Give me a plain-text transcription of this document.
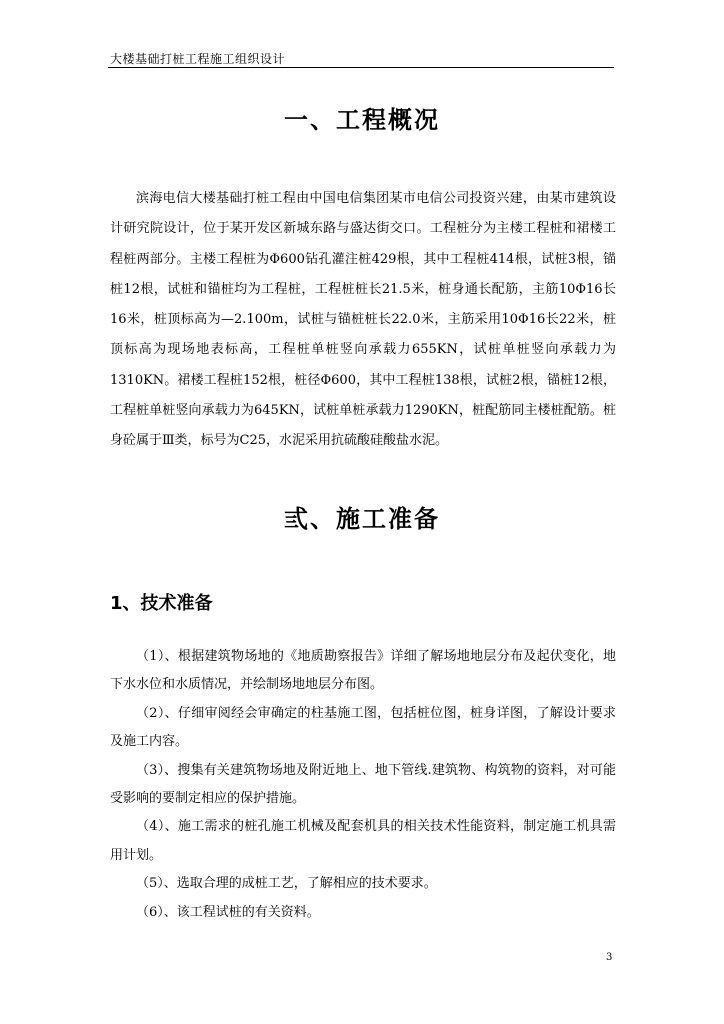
大楼基础打桩工程施工组织设计
一、工程概况

滨海电信大楼基础打桩工程由中国电信集团某市电信公司投资兴建，由某市建筑设计研究院设计，位于某开发区新城东路与盛达街交口。工程桩分为主楼工程桩和裙楼工程桩两部分。主楼工程桩为Φ600钻孔灌注桩429根，其中工程桩414根，试桩3根，锚桩12根，试桩和锚桩均为工程桩，工程桩桩长21.5米，桩身通长配筋，主筋10Φ16长16米，桩顶标高为—2.100m，试桩与锚桩桩长22.0米，主筋采用10Φ16长22米，桩顶标高为现场地表标高，工程桩单桩竖向承载力655KN，试桩单桩竖向承载力为1310KN。裙楼工程桩152根，桩径Φ600，其中工程桩138根，试桩2根，锚桩12根，工程桩单桩竖向承载力为645KN，试桩单桩承载力1290KN，桩配筋同主楼桩配筋。桩身砼属于Ⅲ类，标号为C25，水泥采用抗硫酸硅酸盐水泥。

弎、施工准备
1、技术准备
（1）、根据建筑物场地的《地质勘察报告》详细了解场地地层分布及起伏变化，地下水水位和水质情况，并绘制场地地层分布图。
（2）、仔细审阅经会审确定的柱基施工图，包括桩位图，桩身详图，了解设计要求及施工内容。
（3）、搜集有关建筑物场地及附近地上、地下管线.建筑物、构筑物的资料，对可能受影响的要制定相应的保护措施。
（4）、施工需求的桩孔施工机械及配套机具的相关技术性能资料，制定施工机具需用计划。
（5）、选取合理的成桩工艺，了解相应的技术要求。
（6）、该工程试桩的有关资料。
3
